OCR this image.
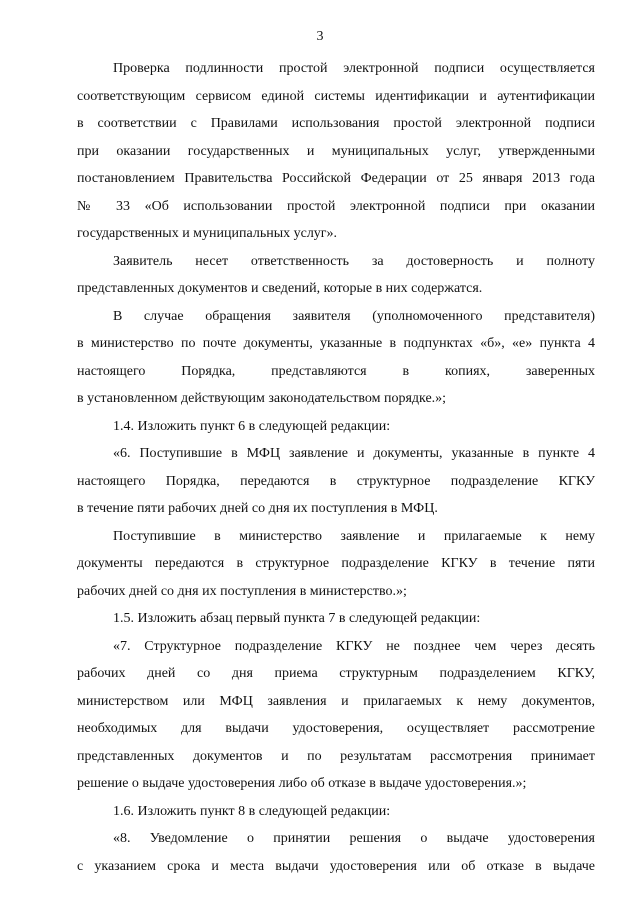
3
Проверка подлинности простой электронной подписи осуществляется
соответствующим сервисом единой системы идентификации и аутентификации
в соответствии с Правилами использования простой электронной подписи
при оказании государственных и муниципальных услуг, утвержденными
постановлением Правительства Российской Федерации от 25 января 2013 года
№ 33 «Об использовании простой электронной подписи при оказании
государственных и муниципальных услуг».
Заявитель несет ответственность за достоверность и полноту
представленных документов и сведений, которые в них содержатся.
В случае обращения заявителя (уполномоченного представителя)
в министерство по почте документы, указанные в подпунктах «б», «е» пункта 4
настоящего Порядка, представляются в копиях, заверенных
в установленном действующим законодательством порядке.»;
1.4. Изложить пункт 6 в следующей редакции:
«6. Поступившие в МФЦ заявление и документы, указанные в пункте 4
настоящего Порядка, передаются в структурное подразделение КГКУ
в течение пяти рабочих дней со дня их поступления в МФЦ.
Поступившие в министерство заявление и прилагаемые к нему
документы передаются в структурное подразделение КГКУ в течение пяти
рабочих дней со дня их поступления в министерство.»;
1.5. Изложить абзац первый пункта 7 в следующей редакции:
«7. Структурное подразделение КГКУ не позднее чем через десять
рабочих дней со дня приема структурным подразделением КГКУ,
министерством или МФЦ заявления и прилагаемых к нему документов,
необходимых для выдачи удостоверения, осуществляет рассмотрение
представленных документов и по результатам рассмотрения принимает
решение о выдаче удостоверения либо об отказе в выдаче удостоверения.»;
1.6. Изложить пункт 8 в следующей редакции:
«8. Уведомление о принятии решения о выдаче удостоверения
с указанием срока и места выдачи удостоверения или об отказе в выдаче
